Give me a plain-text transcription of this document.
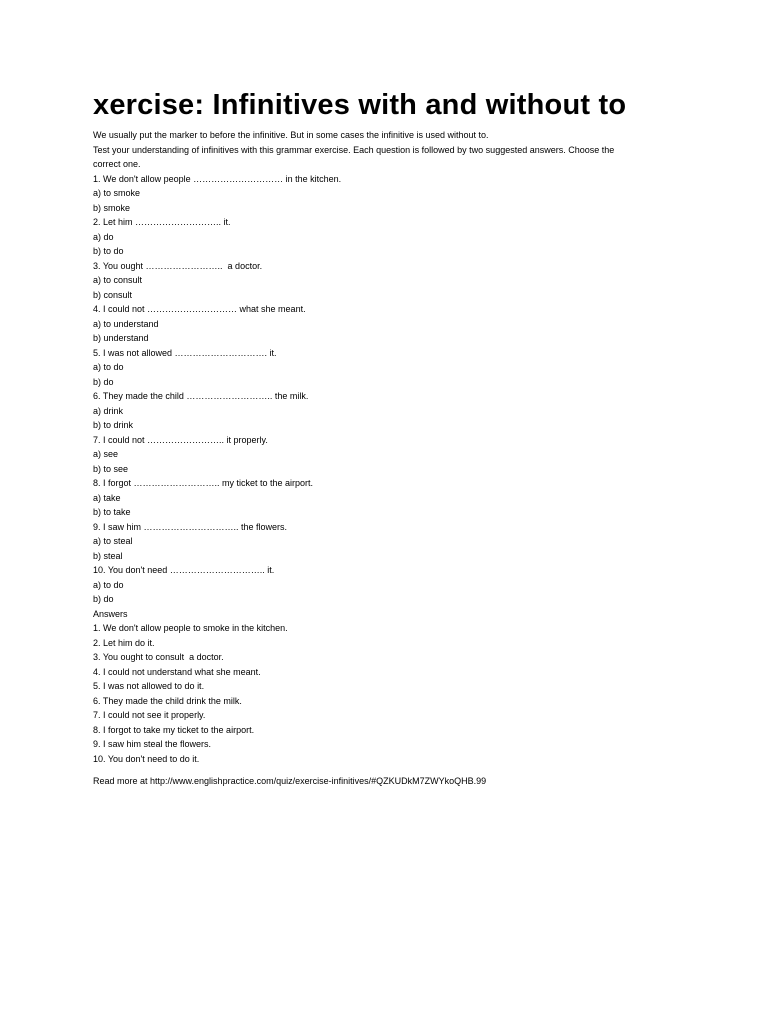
xercise: Infinitives with and without to

We usually put the marker to before the infinitive. But in some cases the infinitive is used without to.

Test your understanding of infinitives with this grammar exercise. Each question is followed by two suggested answers. Choose the

correct one.

1. We don't allow people ………………………… in the kitchen.

a) to smoke

b) smoke

2. Let him ……………………….. it.

a) do

b) to do

3. You ought ……………………..  a doctor.

a) to consult

b) consult

4. I could not ………………………… what she meant.

a) to understand

b) understand

5. I was not allowed …………………………. it.

a) to do

b) do

6. They made the child ……………………….. the milk.

a) drink

b) to drink

7. I could not …………………….. it properly.

a) see

b) to see

8. I forgot ……………………….. my ticket to the airport.

a) take

b) to take

9. I saw him ………………………….. the flowers.

a) to steal

b) steal

10. You don't need ………………………….. it.

a) to do

b) do

Answers

1. We don't allow people to smoke in the kitchen.

2. Let him do it.

3. You ought to consult  a doctor.

4. I could not understand what she meant.

5. I was not allowed to do it.

6. They made the child drink the milk.

7. I could not see it properly.

8. I forgot to take my ticket to the airport.

9. I saw him steal the flowers.

10. You don't need to do it.

Read more at http://www.englishpractice.com/quiz/exercise-infinitives/#QZKUDkM7ZWYkoQHB.99
